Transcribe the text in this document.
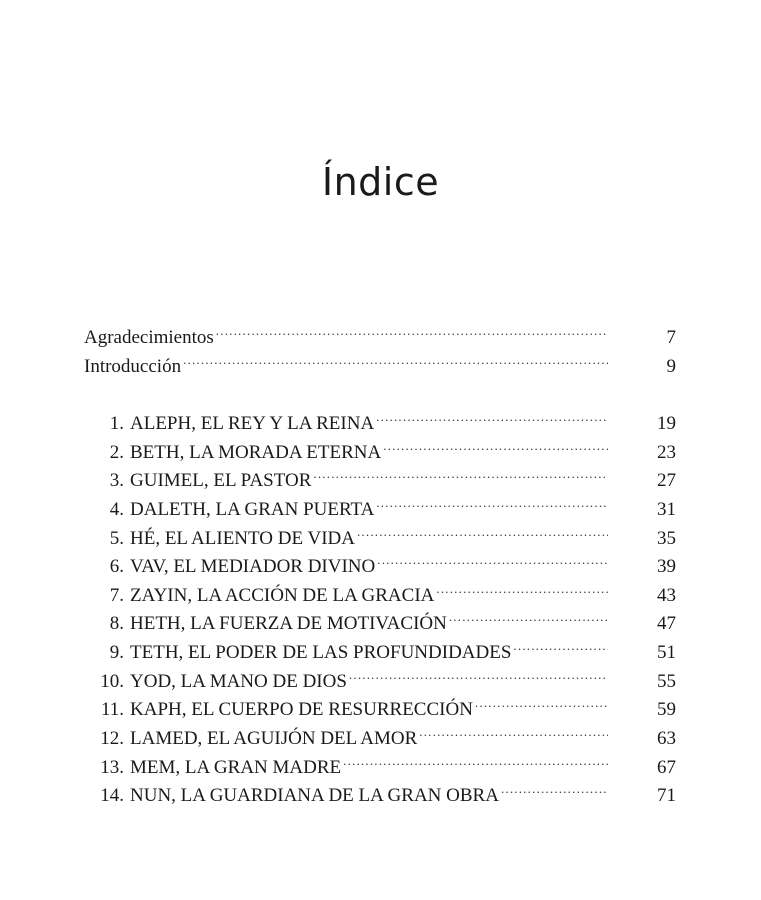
Índice
Agradecimientos .....	7
Introducción .....	9
1. ALEPH, EL REY Y LA REINA .....	19
2. BETH, LA MORADA ETERNA .....	23
3. GUIMEL, EL PASTOR .....	27
4. DALETH, LA GRAN PUERTA .....	31
5. HÉ, EL ALIENTO DE VIDA .....	35
6. VAV, EL MEDIADOR DIVINO .....	39
7. ZAYIN, LA ACCIÓN DE LA GRACIA .....	43
8. HETH, LA FUERZA DE MOTIVACIÓN .....	47
9. TETH, EL PODER DE LAS PROFUNDIDADES .....	51
10. YOD, LA MANO DE DIOS .....	55
11. KAPH, EL CUERPO DE RESURRECCIÓN .....	59
12. LAMED, EL AGUIJÓN DEL AMOR .....	63
13. MEM, LA GRAN MADRE .....	67
14. NUN, LA GUARDIANA DE LA GRAN OBRA .....	71
